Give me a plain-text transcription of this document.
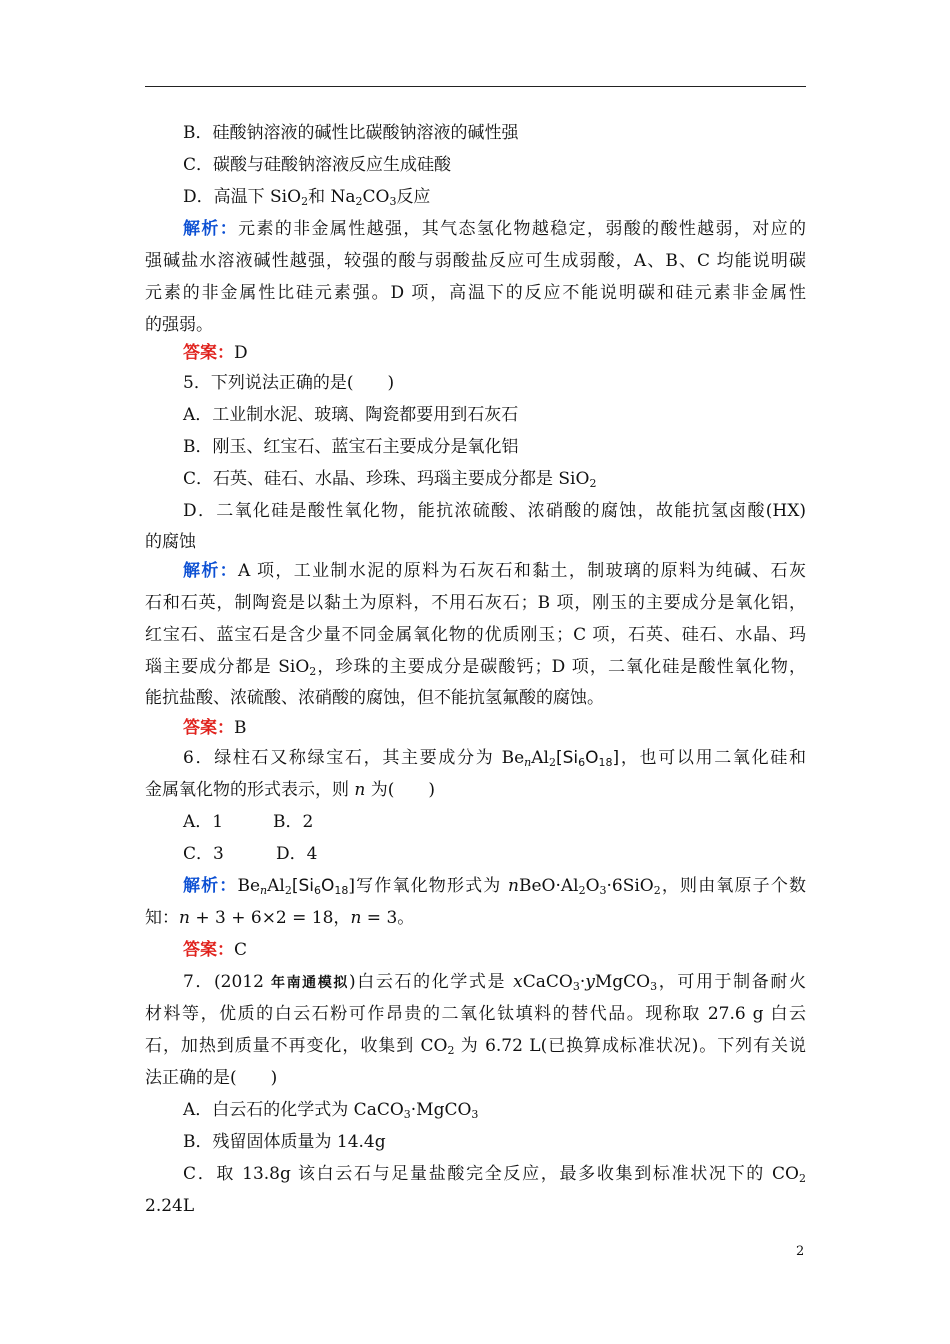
B．硅酸钠溶液的碱性比碳酸钠溶液的碱性强
C．碳酸与硅酸钠溶液反应生成硅酸
D．高温下 SiO$_2$和 $Na_2CO_3$反应
解析：元素的非金属性越强，其气态氢化物越稳定，弱酸的酸性越弱，对应的
强碱盐水溶液碱性越强，较强的酸与弱酸盐反应可生成弱酸，A、B、C 均能说明碳
元素的非金属性比硅元素强。D 项，高温下的反应不能说明碳和硅元素非金属性
的强弱。
答案：D
5．下列说法正确的是(　　)
A．工业制水泥、玻璃、陶瓷都要用到石灰石
B．刚玉、红宝石、蓝宝石主要成分是氧化铝
C．石英、硅石、水晶、珍珠、玛瑙主要成分都是 SiO$_2$
D．二氧化硅是酸性氧化物，能抗浓硫酸、浓硝酸的腐蚀，故能抗氢卤酸(HX)
的腐蚀
解析：A 项，工业制水泥的原料为石灰石和黏土，制玻璃的原料为纯碱、石灰
石和石英，制陶瓷是以黏土为原料，不用石灰石；B 项，刚玉的主要成分是氧化铝，
红宝石、蓝宝石是含少量不同金属氧化物的优质刚玉；C 项，石英、硅石、水晶、玛
瑙主要成分都是 SiO$_2$，珍珠的主要成分是碳酸钙；D 项，二氧化硅是酸性氧化物，
能抗盐酸、浓硫酸、浓硝酸的腐蚀，但不能抗氢氟酸的腐蚀。
答案：B
6．绿柱石又称绿宝石，其主要成分为 $Be_nAl_2[Si_6O_{18}]$，也可以用二氧化硅和
金属氧化物的形式表示，则 n 为(　　)
A．1	B．2
C．3	D．4
解析：$Be_nAl_2[Si_6O_{18}]$写作氧化物形式为 $nBeO\cdot Al_2O_3\cdot 6SiO_2$，则由氧原子个数
知：n + 3 + 6×2 = 18，n = 3。
答案：C
7．(2012 年南通模拟)白云石的化学式是 xCaCO$_3$·yMgCO$_3$，可用于制备耐火
材料等，优质的白云石粉可作昂贵的二氧化钛填料的替代品。现称取 27.6 g 白云
石，加热到质量不再变化，收集到 $CO_2$ 为 6.72 L(已换算成标准状况)。下列有关说
法正确的是(　　)
A．白云石的化学式为 CaCO$_3$·MgCO$_3$
B．残留固体质量为 14.4g
C．取 13.8g 该白云石与足量盐酸完全反应，最多收集到标准状况下的 $CO_2$
2.24L
2
